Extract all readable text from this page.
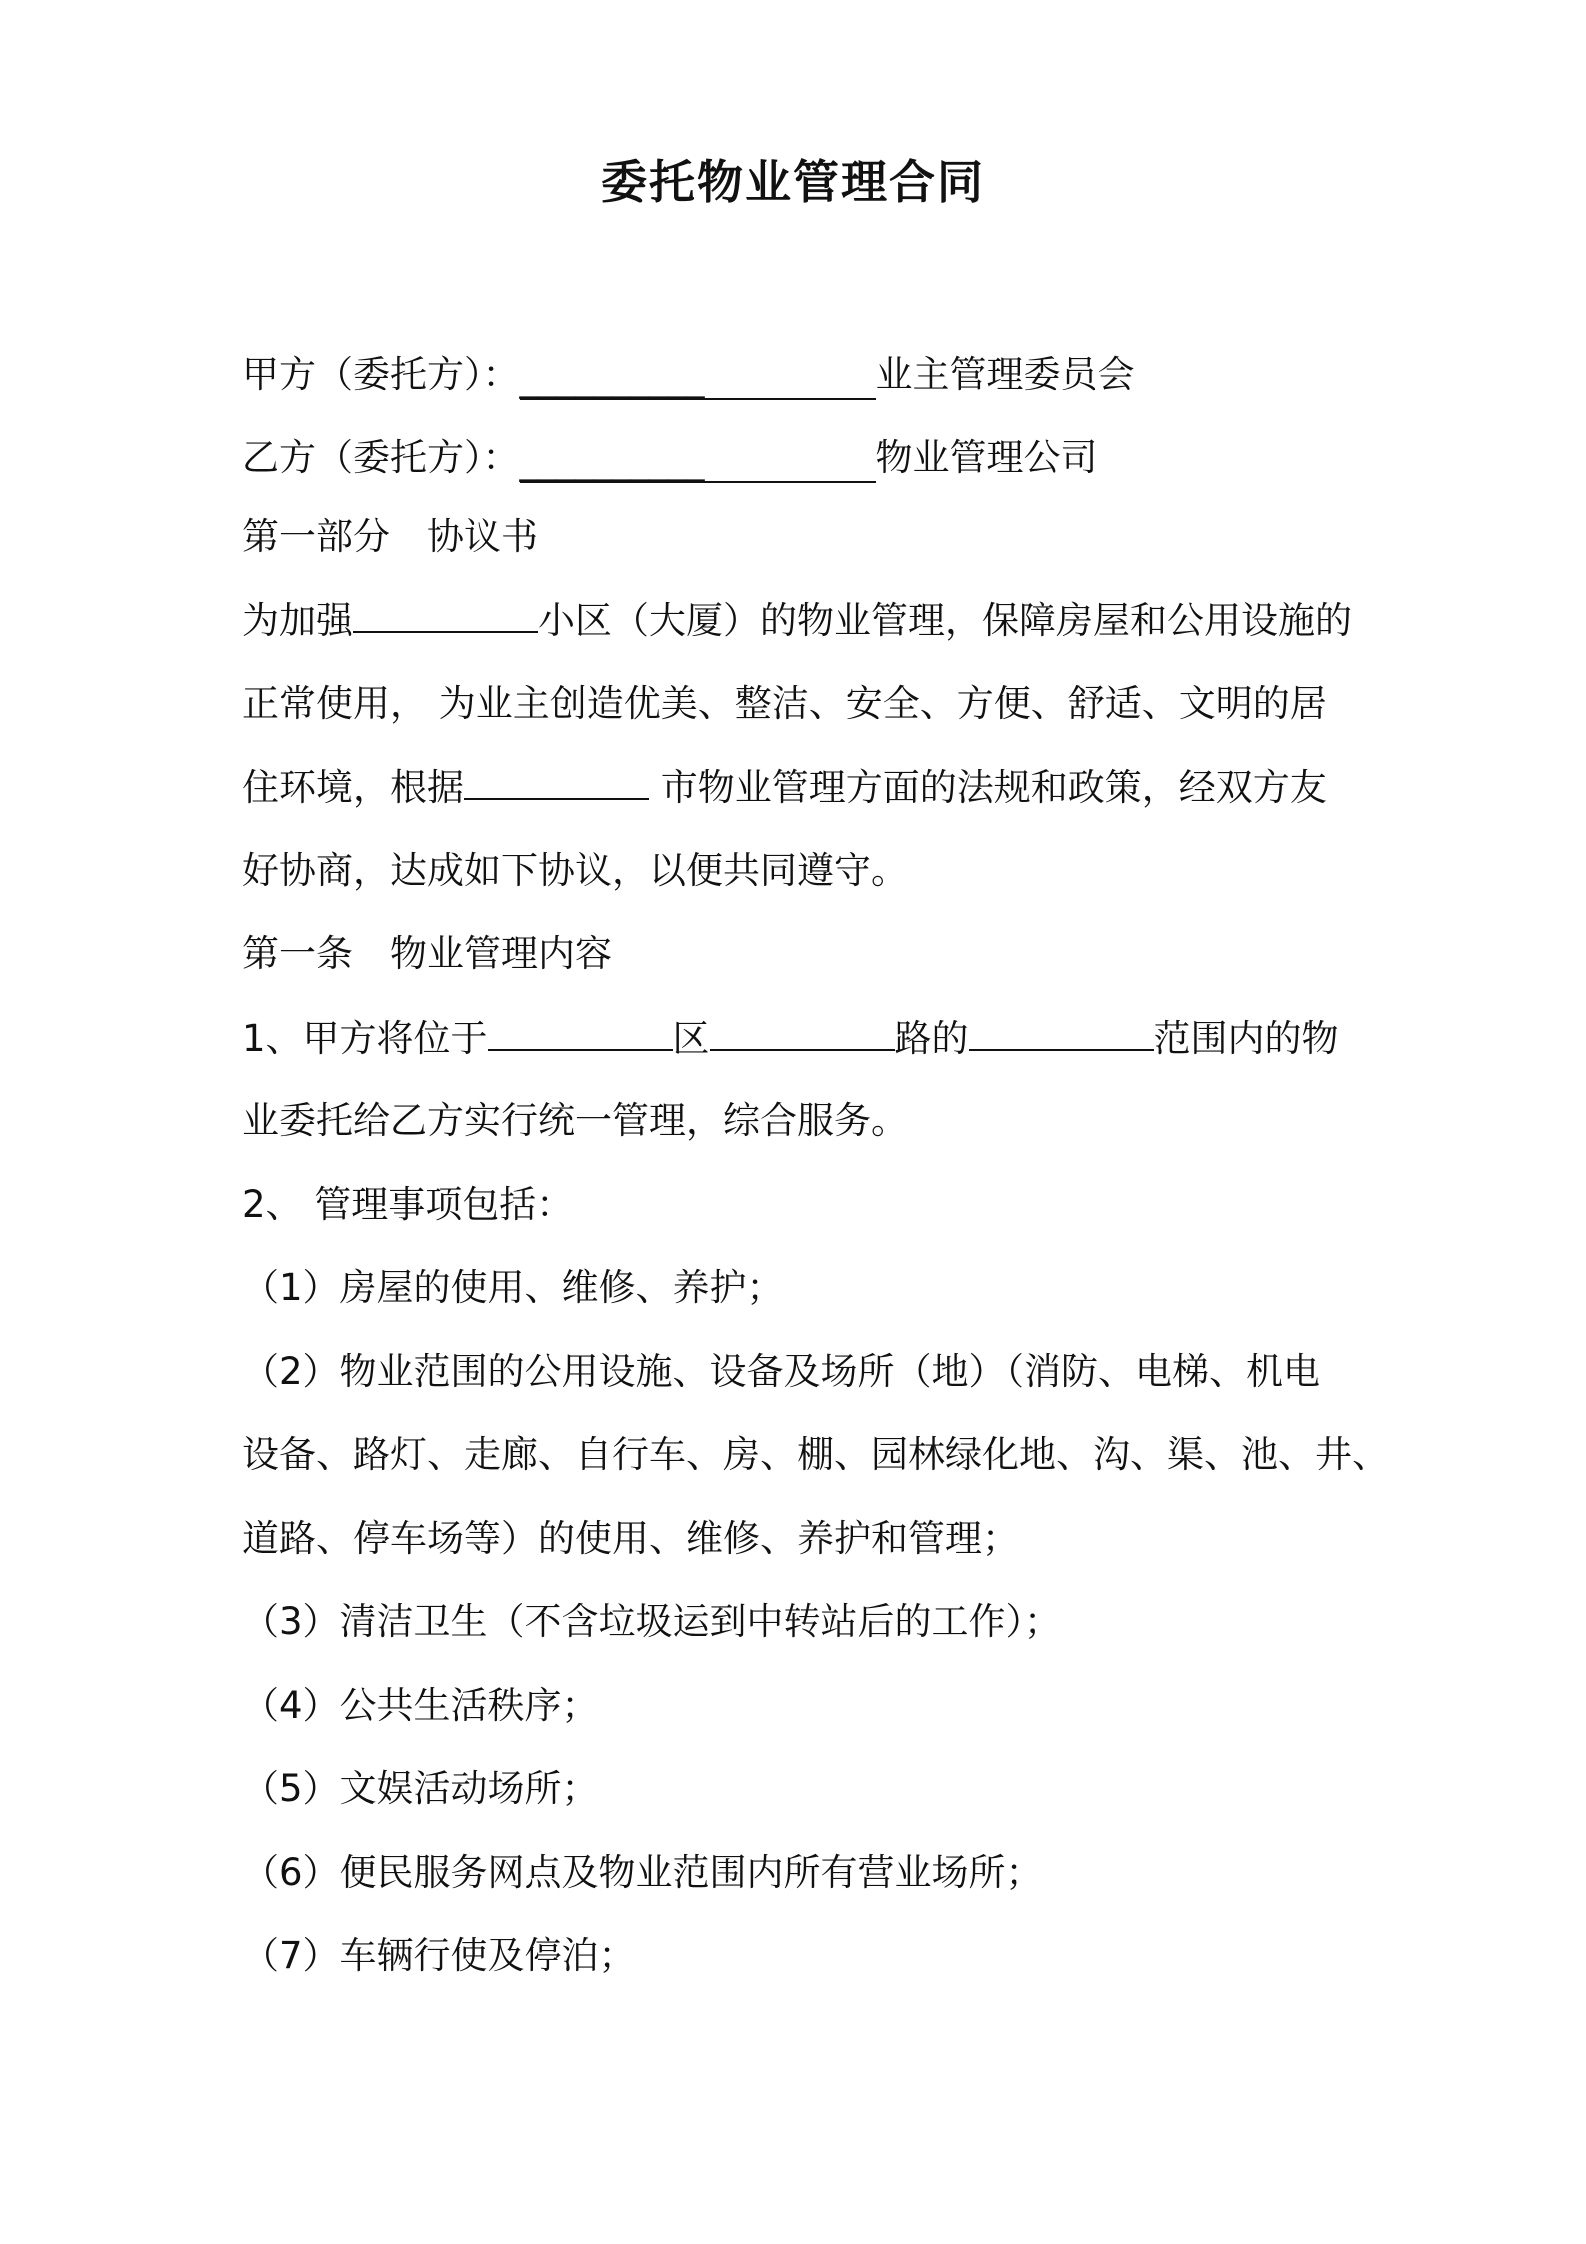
委托物业管理合同
甲方（委托方）： __________	业主管理委员会
乙方（委托方）： __________	物业管理公司
第一部分　协议书
为加强	小区（大厦）的物业管理，保障房屋和公用设施的
正常使用， 为业主创造优美、整洁、安全、方便、舒适、文明的居
住环境，根据	市物业管理方面的法规和政策，经双方友
好协商，达成如下协议，以便共同遵守。
第一条　物业管理内容
1、甲方将位于	区	路的	范围内的物
业委托给乙方实行统一管理，综合服务。
2、 管理事项包括：
（1）房屋的使用、维修、养护；
（2）物业范围的公用设施、设备及场所（地）（消防、电梯、机电
设备、路灯、走廊、自行车、房、棚、园林绿化地、沟、渠、池、井、
道路、停车场等）的使用、维修、养护和管理；
（3）清洁卫生（不含垃圾运到中转站后的工作）；
（4）公共生活秩序；
（5）文娱活动场所；
（6）便民服务网点及物业范围内所有营业场所；
（7）车辆行使及停泊；
